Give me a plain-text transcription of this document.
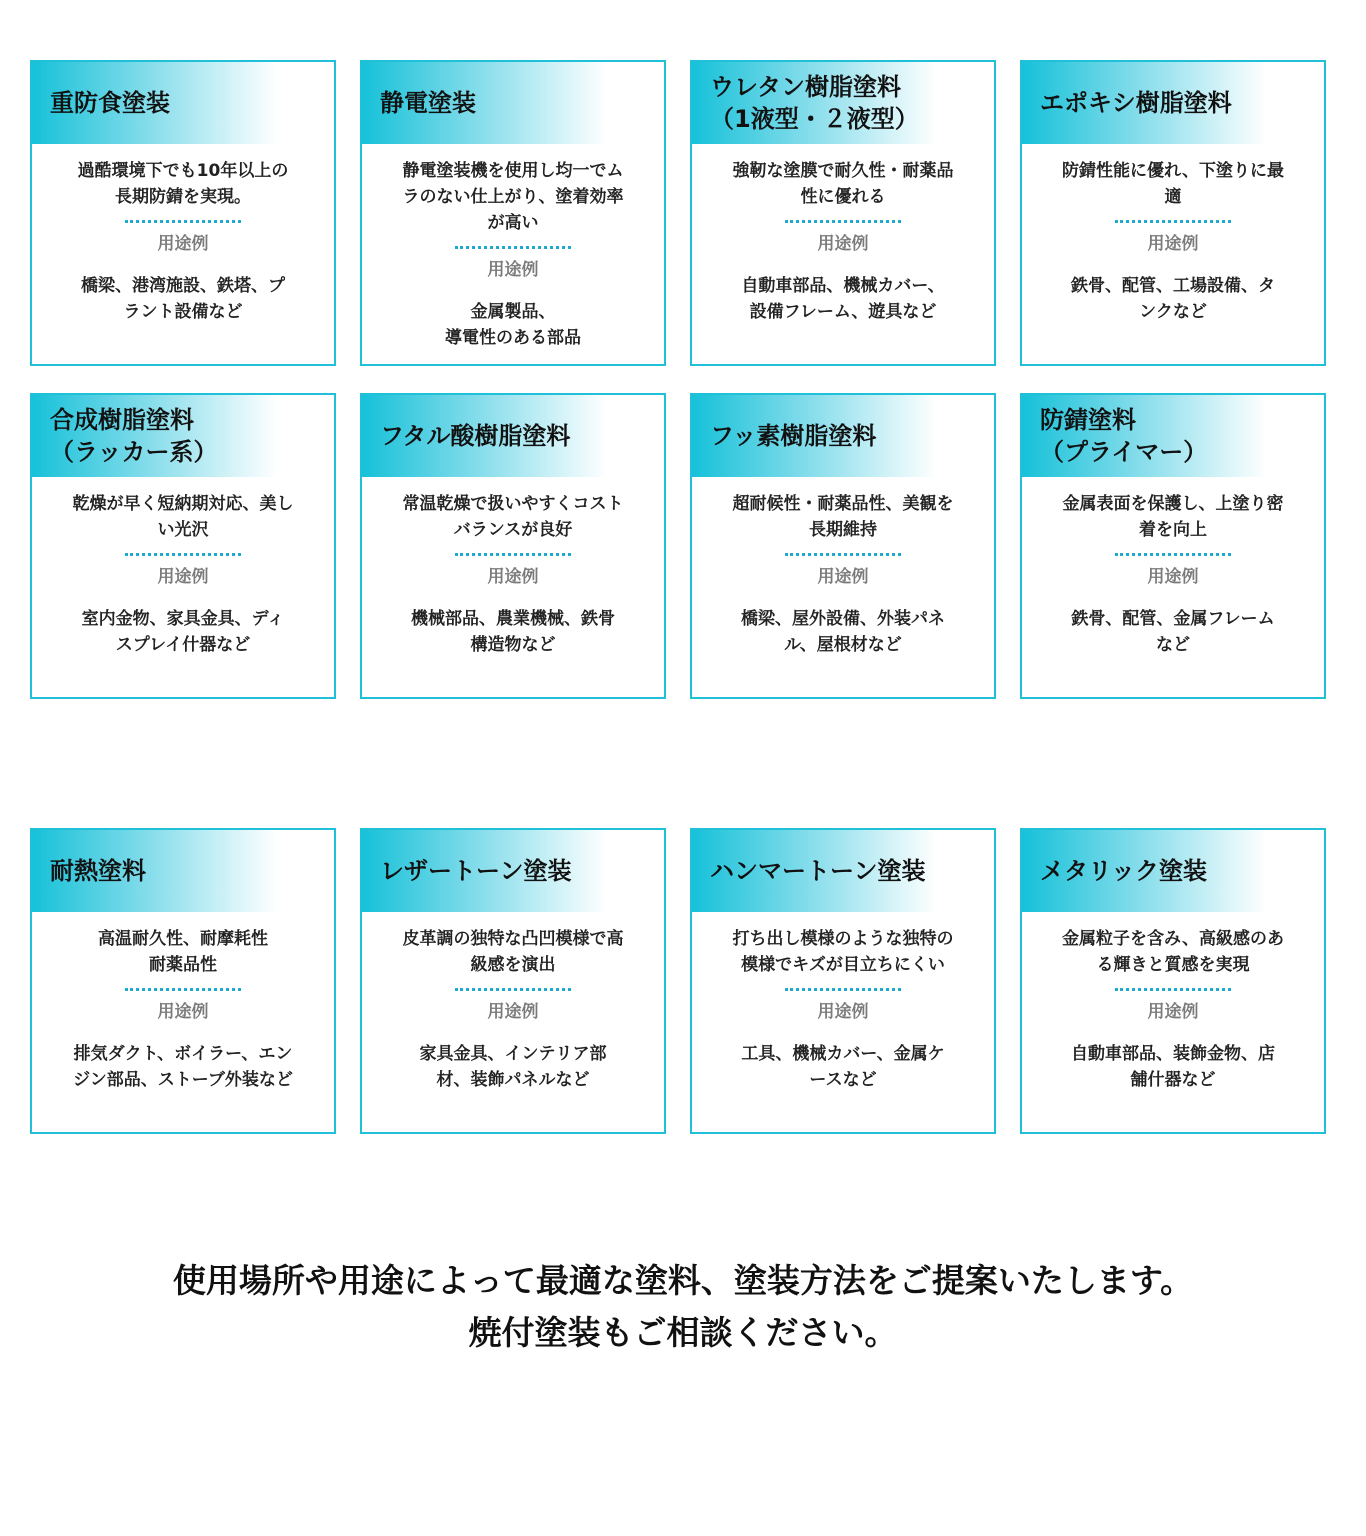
重防食塗装
過酷環境下でも10年以上の
長期防錆を実現。
用途例
橋梁、港湾施設、鉄塔、プ
ラント設備など
静電塗装
静電塗装機を使用し均一でム
ラのない仕上がり、塗着効率
が高い
用途例
金属製品、
導電性のある部品
ウレタン樹脂塗料
（1液型・２液型）
強靭な塗膜で耐久性・耐薬品
性に優れる
用途例
自動車部品、機械カバー、
設備フレーム、遊具など
エポキシ樹脂塗料
防錆性能に優れ、下塗りに最
適
用途例
鉄骨、配管、工場設備、タ
ンクなど
合成樹脂塗料
（ラッカー系）
乾燥が早く短納期対応、美し
い光沢
用途例
室内金物、家具金具、ディ
スプレイ什器など
フタル酸樹脂塗料
常温乾燥で扱いやすくコスト
バランスが良好
用途例
機械部品、農業機械、鉄骨
構造物など
フッ素樹脂塗料
超耐候性・耐薬品性、美観を
長期維持
用途例
橋梁、屋外設備、外装パネ
ル、屋根材など
防錆塗料
（プライマー）
金属表面を保護し、上塗り密
着を向上
用途例
鉄骨、配管、金属フレーム
など
耐熱塗料
高温耐久性、耐摩耗性
耐薬品性
用途例
排気ダクト、ボイラー、エン
ジン部品、ストーブ外装など
レザートーン塗装
皮革調の独特な凸凹模様で高
級感を演出
用途例
家具金具、インテリア部
材、装飾パネルなど
ハンマートーン塗装
打ち出し模様のような独特の
模様でキズが目立ちにくい
用途例
工具、機械カバー、金属ケ
ースなど
メタリック塗装
金属粒子を含み、高級感のあ
る輝きと質感を実現
用途例
自動車部品、装飾金物、店
舗什器など
使用場所や用途によって最適な塗料、塗装方法をご提案いたします。
焼付塗装もご相談ください。
